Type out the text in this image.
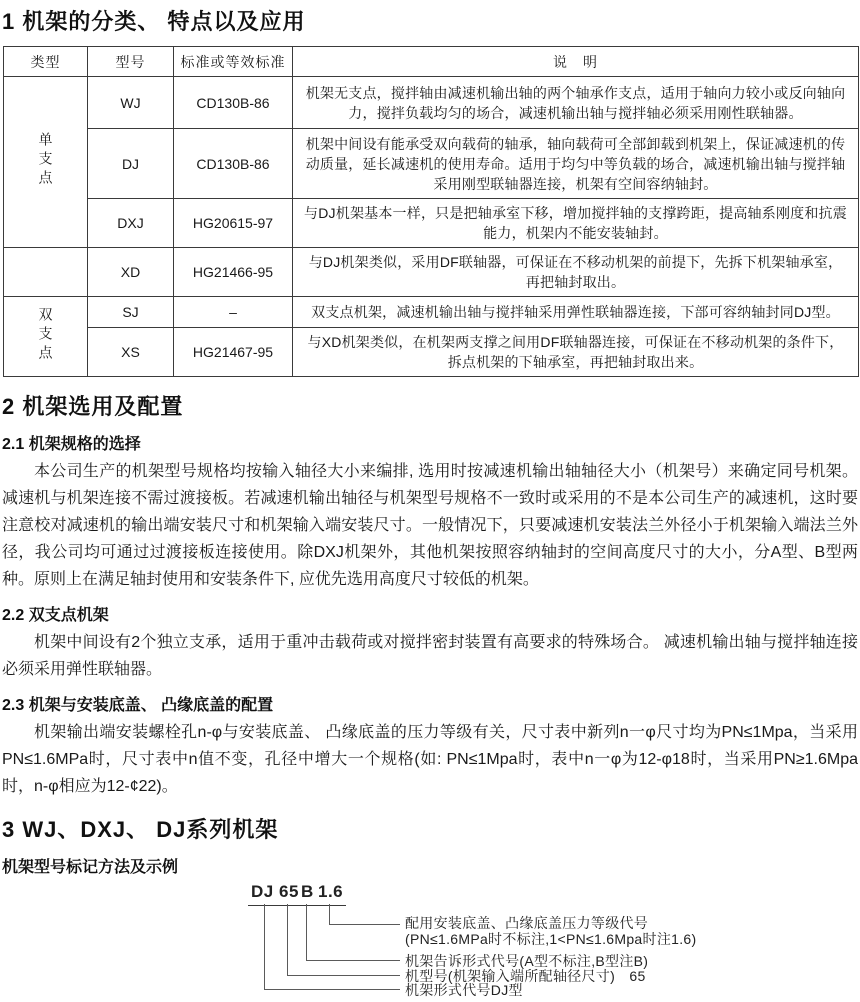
1 机架的分类、 特点以及应用
类型	型号	标准或等效标准	说　明
单支点	WJ	CD130B-86	机架无支点，搅拌轴由减速机输出轴的两个轴承作支点，适用于轴向力较小或反向轴向力，搅拌负载均匀的场合，减速机输出轴与搅拌轴必须采用刚性联轴器。
	DJ	CD130B-86	机架中间设有能承受双向载荷的轴承，轴向载荷可全部卸载到机架上，保证减速机的传动质量，延长减速机的使用寿命。适用于均匀中等负载的场合，减速机输出轴与搅拌轴采用刚型联轴器连接，机架有空间容纳轴封。
	DXJ	HG20615-97	与DJ机架基本一样，只是把轴承室下移，增加搅拌轴的支撑跨距，提高轴系刚度和抗震能力，机架内不能安装轴封。
	XD	HG21466-95	与DJ机架类似，采用DF联轴器，可保证在不移动机架的前提下，先拆下机架轴承室，再把轴封取出。
双支点	SJ	–	双支点机架，减速机输出轴与搅拌轴采用弹性联轴器连接，下部可容纳轴封同DJ型。
	XS	HG21467-95	与XD机架类似，在机架两支撑之间用DF联轴器连接，可保证在不移动机架的条件下，拆点机架的下轴承室，再把轴封取出来。
2 机架选用及配置
2.1 机架规格的选择

本公司生产的机架型号规格均按输入轴径大小来编排, 选用时按减速机输出轴轴径大小（机架号）来确定同号机架。减速机与机架连接不需过渡接板。若减速机输出轴径与机架型号规格不一致时或采用的不是本公司生产的减速机，这时要注意校对减速机的输出端安装尺寸和机架输入端安装尺寸。一般情况下，只要减速机安装法兰外径小于机架输入端法兰外径，我公司均可通过过渡接板连接使用。除DXJ机架外，其他机架按照容纳轴封的空间高度尺寸的大小，分A型、B型两种。原则上在满足轴封使用和安装条件下, 应优先选用高度尺寸较低的机架。

2.2 双支点机架

机架中间设有2个独立支承，适用于重冲击载荷或对搅拌密封装置有高要求的特殊场合。 减速机输出轴与搅拌轴连接必须采用弹性联轴器。

2.3 机架与安装底盖、 凸缘底盖的配置

机架输出端安装螺栓孔n-φ与安装底盖、 凸缘底盖的压力等级有关，尺寸表中新列n一φ尺寸均为PN≤1Mpa，当采用PN≤1.6MPa时，尺寸表中n值不变，孔径中增大一个规格(如: PN≤1Mpa时，表中n一φ为12-φ18时，当采用PN≥1.6Mpa时，n-φ相应为12-¢22)。

3 WJ、DXJ、 DJ系列机架
机架型号标记方法及示例
DJ 65 B 1.6
配用安装底盖、凸缘底盖压力等级代号
(PN≤1.6MPa时不标注,1<PN≤1.6Mpa时注1.6)
机架告诉形式代号(A型不标注,B型注B)
机型号(机架输入端所配轴径尺寸)　65
机架形式代号DJ型
